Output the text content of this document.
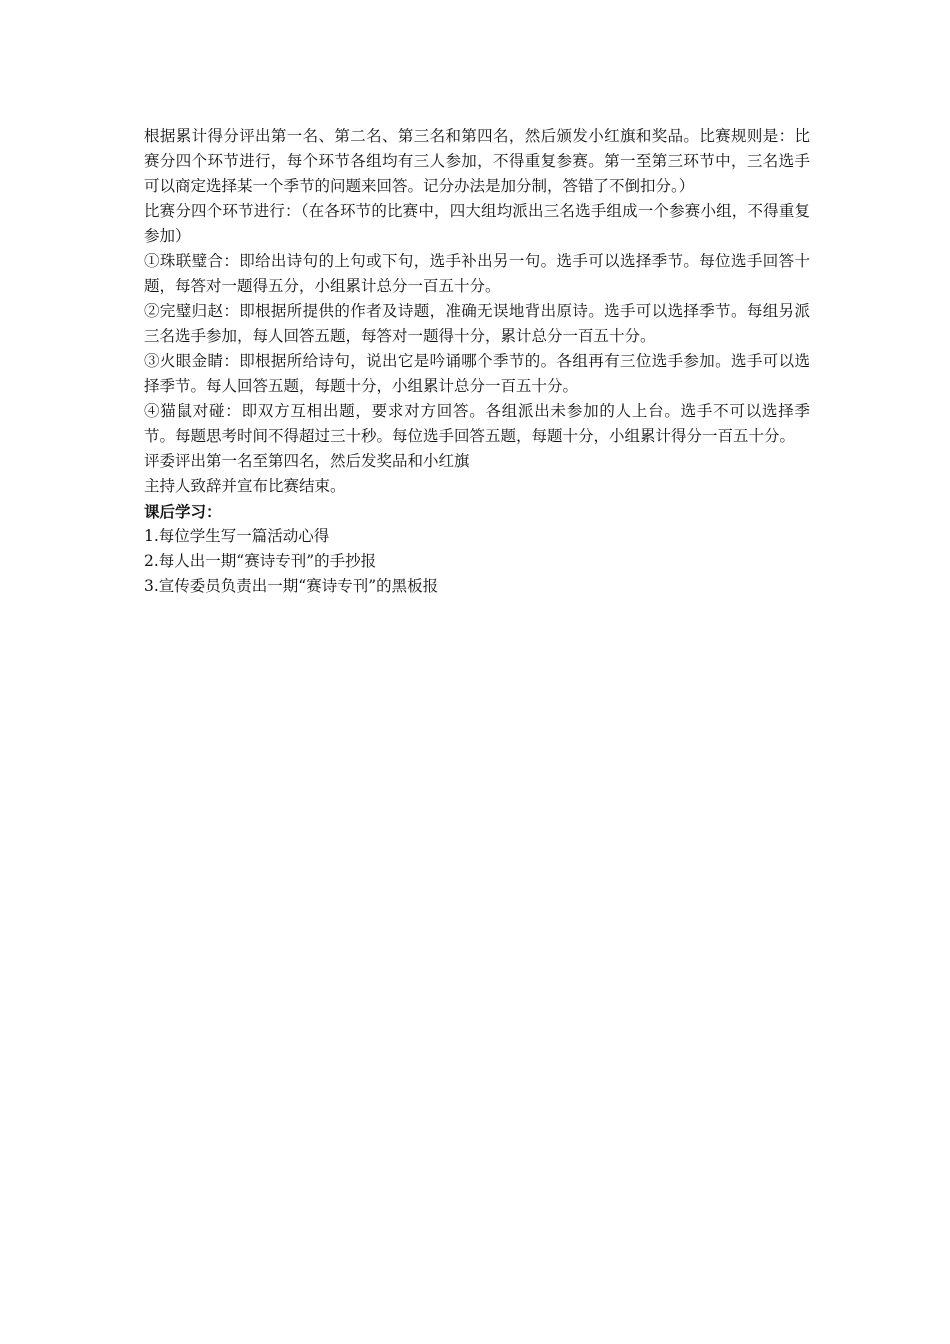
根据累计得分评出第一名、第二名、第三名和第四名，然后颁发小红旗和奖品。比赛规则是：比赛分四个环节进行，每个环节各组均有三人参加，不得重复参赛。第一至第三环节中，三名选手可以商定选择某一个季节的问题来回答。记分办法是加分制，答错了不倒扣分。）

比赛分四个环节进行：（在各环节的比赛中，四大组均派出三名选手组成一个参赛小组，不得重复参加）

①珠联璧合：即给出诗句的上句或下句，选手补出另一句。选手可以选择季节。每位选手回答十题，每答对一题得五分，小组累计总分一百五十分。

②完璧归赵：即根据所提供的作者及诗题，准确无误地背出原诗。选手可以选择季节。每组另派三名选手参加，每人回答五题，每答对一题得十分，累计总分一百五十分。

③火眼金睛：即根据所给诗句，说出它是吟诵哪个季节的。各组再有三位选手参加。选手可以选择季节。每人回答五题，每题十分，小组累计总分一百五十分。

④猫鼠对碰：即双方互相出题，要求对方回答。各组派出未参加的人上台。选手不可以选择季节。每题思考时间不得超过三十秒。每位选手回答五题，每题十分，小组累计得分一百五十分。

评委评出第一名至第四名，然后发奖品和小红旗

主持人致辞并宣布比赛结束。

课后学习：

1.每位学生写一篇活动心得

2.每人出一期“赛诗专刊”的手抄报

3.宣传委员负责出一期“赛诗专刊”的黑板报
